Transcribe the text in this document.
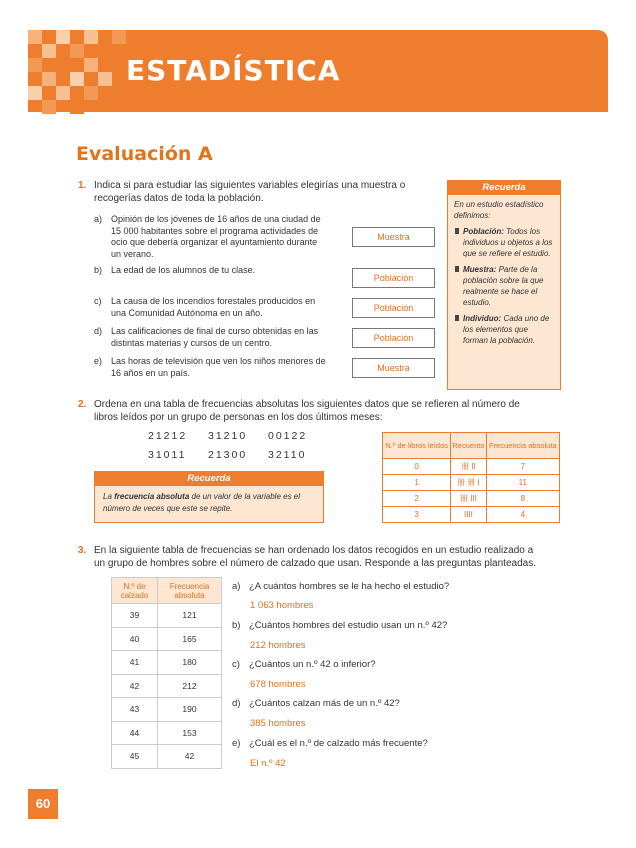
ESTADÍSTICA
Evaluación A
1. Indica si para estudiar las siguientes variables elegirías una muestra o
recogerías datos de toda la población.
a) Opinión de los jóvenes de 16 años de una ciudad de
15 000 habitantes sobre el programa actividades de
ocio que debería organizar el ayuntamiento durante
un verano.
Muestra
b) La edad de los alumnos de tu clase.
Población
c) La causa de los incendios forestales producidos en
una Comunidad Autónoma en un año.	Población
d) Las calificaciones de final de curso obtenidas en las
distintas materias y cursos de un centro.	Población
e) Las horas de televisión que ven los niños menores de
16 años en un país.	Muestra
Recuerda
En un estudio estadístico definimos:
Población: Todos los individuos u objetos a los que se refiere el estudio.
Muestra: Parte de la población sobre la que realmente se hace el estudio.
Individuo: Cada uno de los elementos que forman la población.
2. Ordena en una tabla de frecuencias absolutas los siguientes datos que se refieren al número de
libros leídos por un grupo de personas en los dos últimos meses:
21212 31210 00122
31011 21300 32110
Recuerda
La frecuencia absoluta de un valor de la variable es el
número de veces que este se repite.
N.º de libros leídos	Recuento	Frecuencia absoluta
0	卌 II	7
1	卌 卌 I	11
2	卌 III	8
3	IIII	4
3. En la siguiente tabla de frecuencias se han ordenado los datos recogidos en un estudio realizado a
un grupo de hombres sobre el número de calzado que usan. Responde a las preguntas planteadas.
N.º de calzado	Frecuencia absoluta
39	121
40	165
41	180
42	212
43	190
44	153
45	42
a) ¿A cuántos hombres se le ha hecho el estudio?
1 063 hombres
b) ¿Cuántos hombres del estudio usan un n.º 42?
212 hombres
c) ¿Cuántos un n.º 42 o inferior?
678 hombres
d) ¿Cuántos calzan más de un n.º 42?
385 hombres
e) ¿Cuál es el n.º de calzado más frecuente?
El n.º 42
60
